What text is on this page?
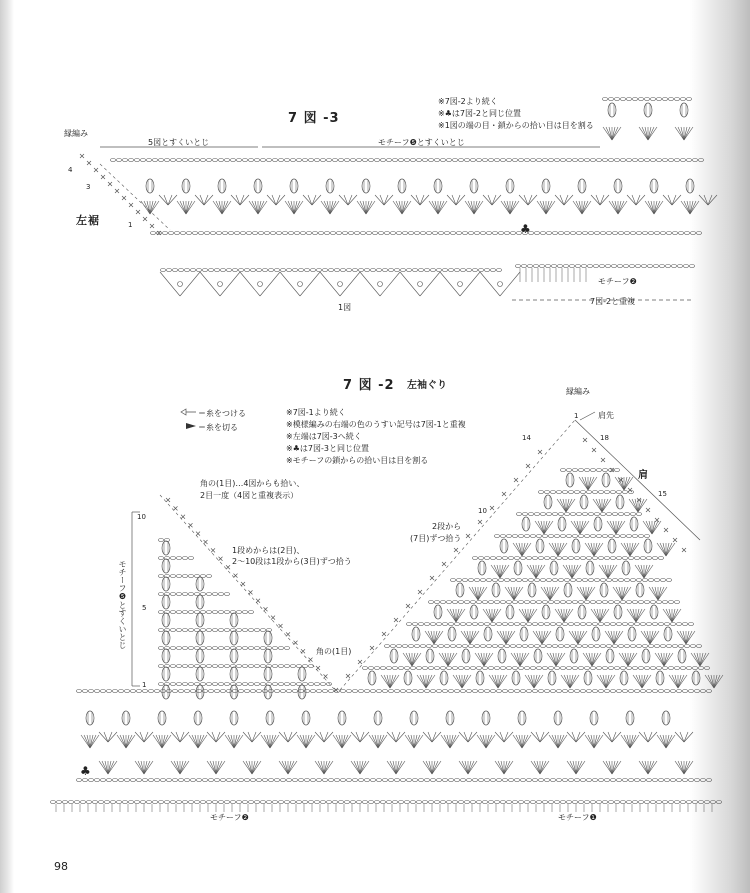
7 図 -3
※7図-2より続く
※♣は7図-2と同じ位置
※1図の端の目・鎖からの拾い目は目を割る
縁編み
5図とすくいとじ	モチーフ❺とすくいとじ
4
3
1
左裾
♣
1図
モチーフ❷
7図-2と重複
7 図 -2 左袖ぐり
＝糸をつける
＝糸を切る
※7図-1より続く
※模様編みの右端の色のうすい記号は7図-1と重複
※左端は7図-3へ続く
※♣は7図-3と同じ位置
※モチーフの鎖からの拾い目は目を割る
縁編み
肩先
肩
1
14	18
15
10
角の(1目)…4図からも拾い、
2目一度（4図と重複表示）
1段めからは(2目)、
2～10段は1段から(3目)ずつ拾う
2段から
(7目)ずつ拾う
角の(1目)
10
5
1
モチーフ❺とすくいとじ
♣
モチーフ❷	モチーフ❶
98
